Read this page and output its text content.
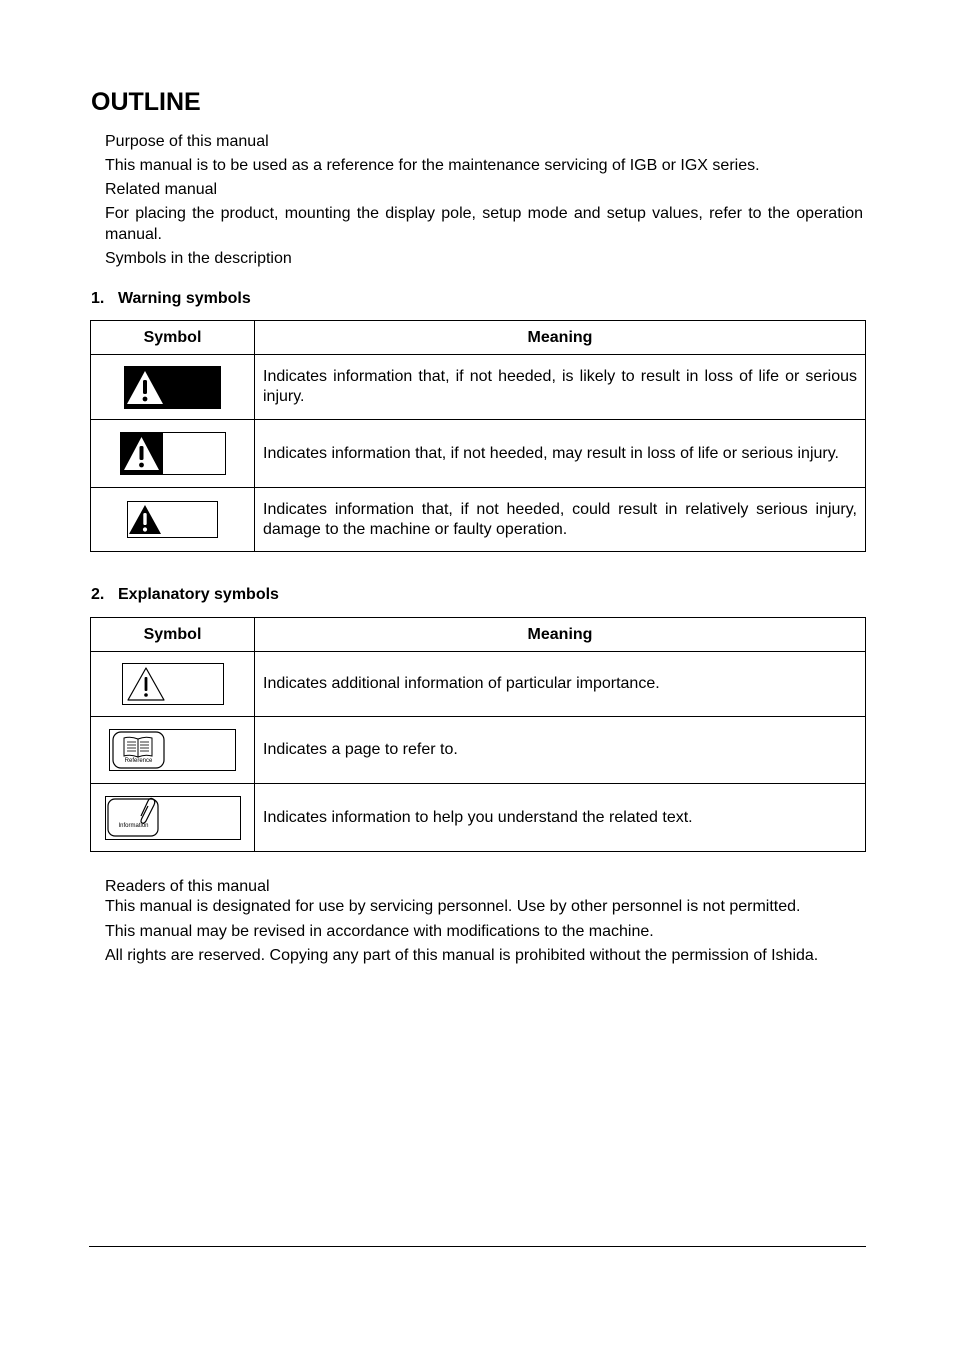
OUTLINE

Purpose of this manual

This manual is to be used as a reference for the maintenance servicing of IGB or IGX series.

Related manual

For placing the product, mounting the display pole, setup mode and setup values, refer to the operation manual.

Symbols in the description

1. Warning symbols
Symbol	Meaning
	Indicates information that, if not heeded, is likely to result in loss of life or serious injury.
	Indicates information that, if not heeded, may result in loss of life or serious injury.
	Indicates information that, if not heeded, could result in relatively serious injury, damage to the machine or faulty operation.
2. Explanatory symbols
Symbol	Meaning
	Indicates additional information of particular importance.

Reference	Indicates a page to refer to.

Information	Indicates information to help you understand the related text.

Readers of this manual

This manual is designated for use by servicing personnel. Use by other personnel is not permitted.

This manual may be revised in accordance with modifications to the machine.

All rights are reserved. Copying any part of this manual is prohibited without the permission of Ishida.
